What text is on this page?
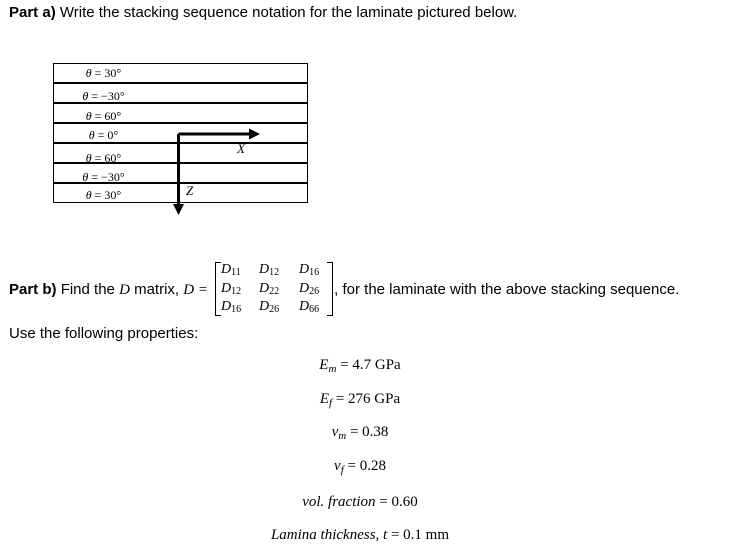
Part a) Write the stacking sequence notation for the laminate pictured below.
θ = 30°
θ = −30°
θ = 60°
θ = 0°
θ = 60°
θ = −30°
θ = 30°
X
Z
Part b) Find the D matrix, D =	, for the laminate with the above stacking sequence.
$D_{11}$ $D_{12}$ $D_{16}$
$D_{12}$ $D_{22}$ $D_{26}$
$D_{16}$ $D_{26}$ $D_{66}$
Use the following properties:
$E_m = 4.7$ GPa
$E_f = 276$ GPa
$\nu_m = 0.38$
$\nu_f = 0.28$
vol. fraction = 0.60
Lamina thickness, t = 0.1 mm
